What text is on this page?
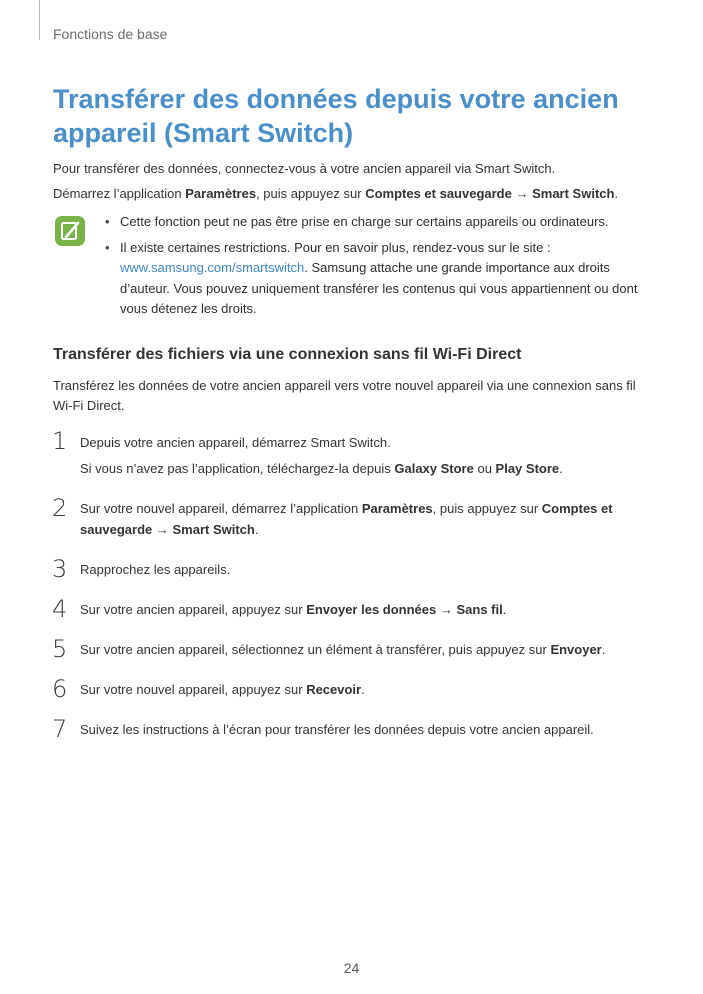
Fonctions de base
Transférer des données depuis votre ancien appareil (Smart Switch)
Pour transférer des données, connectez-vous à votre ancien appareil via Smart Switch.
Démarrez l’application Paramètres, puis appuyez sur Comptes et sauvegarde → Smart Switch.
• Cette fonction peut ne pas être prise en charge sur certains appareils ou ordinateurs.
• Il existe certaines restrictions. Pour en savoir plus, rendez-vous sur le site : www.samsung.com/smartswitch. Samsung attache une grande importance aux droits d’auteur. Vous pouvez uniquement transférer les contenus qui vous appartiennent ou dont vous détenez les droits.
Transférer des fichiers via une connexion sans fil Wi-Fi Direct
Transférez les données de votre ancien appareil vers votre nouvel appareil via une connexion sans fil
Wi-Fi Direct.
1 Depuis votre ancien appareil, démarrez Smart Switch.
Si vous n’avez pas l’application, téléchargez-la depuis Galaxy Store ou Play Store.
2 Sur votre nouvel appareil, démarrez l’application Paramètres, puis appuyez sur Comptes et sauvegarde → Smart Switch.
3 Rapprochez les appareils.
4 Sur votre ancien appareil, appuyez sur Envoyer les données → Sans fil.
5 Sur votre ancien appareil, sélectionnez un élément à transférer, puis appuyez sur Envoyer.
6 Sur votre nouvel appareil, appuyez sur Recevoir.
7 Suivez les instructions à l’écran pour transférer les données depuis votre ancien appareil.
24
